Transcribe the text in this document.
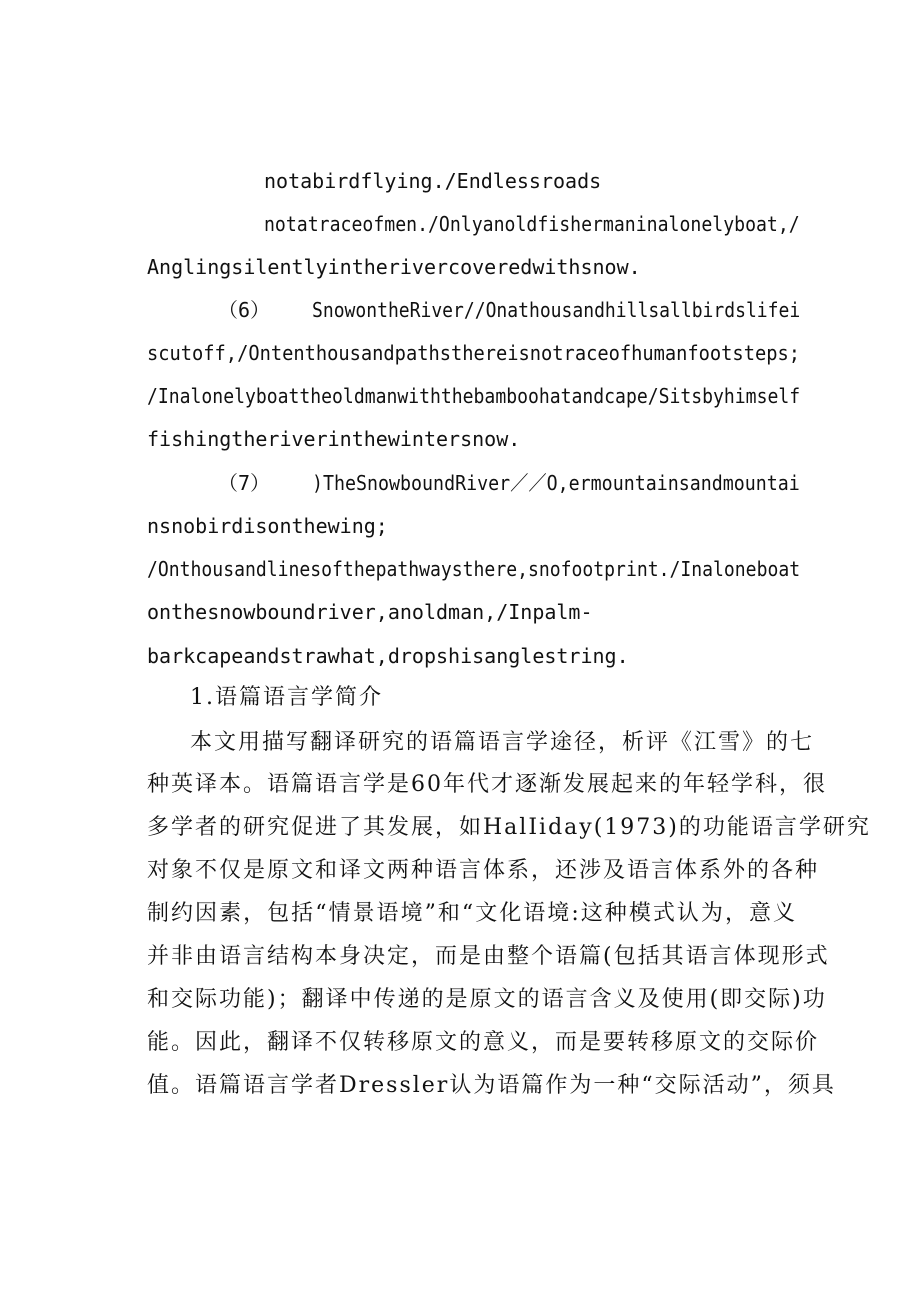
notabirdflying./Endlessroads
notatraceofmen./Onlyanoldfishermaninalonelyboat,/
Anglingsilentlyintherivercoveredwithsnow.
（6） SnowontheRiver//Onathousandhillsallbirdslifei
scutoff,/Ontenthousandpathsthereisnotraceofhumanfootsteps;
/Inalonelyboattheoldmanwiththebamboohatandcape/Sitsbyhimself
fishingtheriverinthewintersnow.
（7） )TheSnowboundRiver／／O,ermountainsandmountai
nsnobirdisonthewing;
/Onthousandlinesofthepathwaysthere,snofootprint./Inaloneboat
onthesnowboundriver,anoldman,/Inpalm-
barkcapeandstrawhat,dropshisanglestring.
1.语篇语言学简介
本文用描写翻译研究的语篇语言学途径，析评《江雪》的七
种英译本。语篇语言学是60年代才逐渐发展起来的年轻学科，很
多学者的研究促进了其发展，如HalIiday(1973)的功能语言学研究
对象不仅是原文和译文两种语言体系，还涉及语言体系外的各种
制约因素，包括“情景语境”和“文化语境:这种模式认为，意义
并非由语言结构本身决定，而是由整个语篇(包括其语言体现形式
和交际功能)；翻译中传递的是原文的语言含义及使用(即交际)功
能。因此，翻译不仅转移原文的意义，而是要转移原文的交际价
值。语篇语言学者Dressler认为语篇作为一种“交际活动”，须具
